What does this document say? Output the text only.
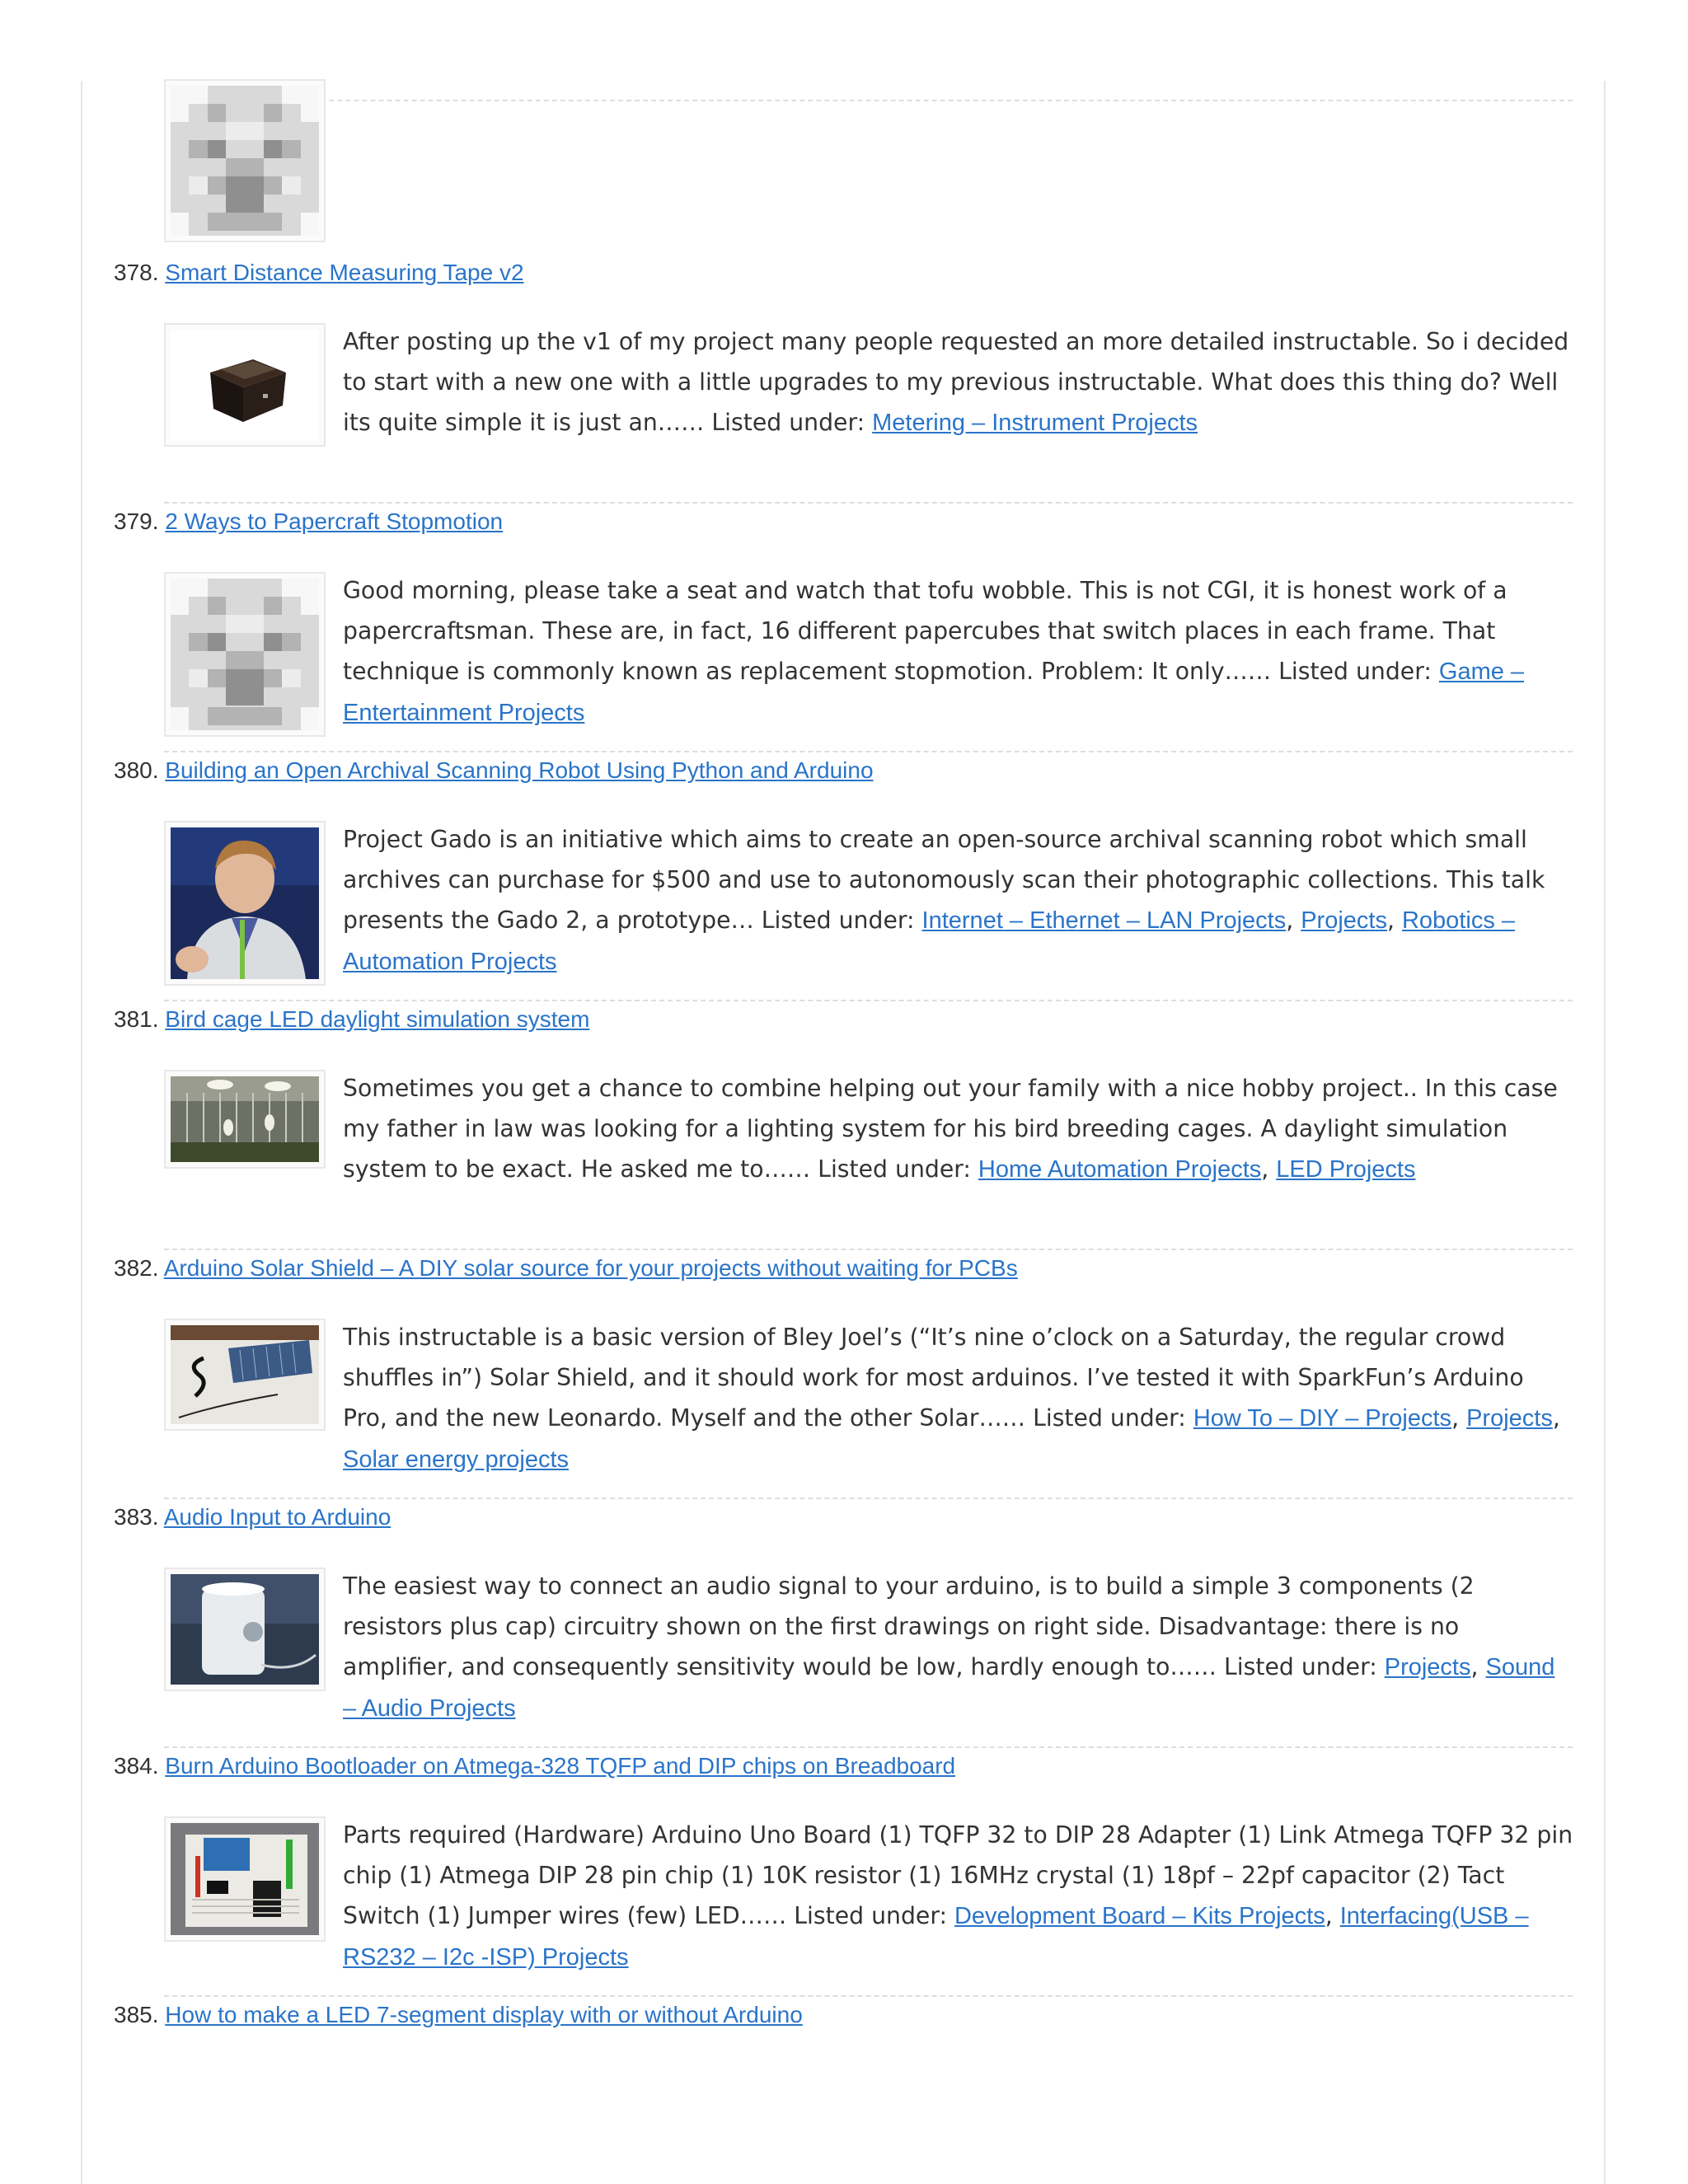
378. Smart Distance Measuring Tape v2
After posting up the v1 of my project many people requested an more detailed instructable. So i decided to start with a new one with a little upgrades to my previous instructable. What does this thing do? Well its quite simple it is just an…… Listed under: Metering – Instrument Projects
379. 2 Ways to Papercraft Stopmotion
Good morning, please take a seat and watch that tofu wobble. This is not CGI, it is honest work of a papercraftsman. These are, in fact, 16 different papercubes that switch places in each frame. That technique is commonly known as replacement stopmotion. Problem: It only…… Listed under: Game – Entertainment Projects
380. Building an Open Archival Scanning Robot Using Python and Arduino
Project Gado is an initiative which aims to create an open-source archival scanning robot which small archives can purchase for $500 and use to autonomously scan their photographic collections. This talk presents the Gado 2, a prototype… Listed under: Internet – Ethernet – LAN Projects, Projects, Robotics – Automation Projects
381. Bird cage LED daylight simulation system
Sometimes you get a chance to combine helping out your family with a nice hobby project.. In this case my father in law was looking for a lighting system for his bird breeding cages. A daylight simulation system to be exact. He asked me to…… Listed under: Home Automation Projects, LED Projects
382. Arduino Solar Shield – A DIY solar source for your projects without waiting for PCBs
This instructable is a basic version of Bley Joel’s (“It’s nine o’clock on a Saturday, the regular crowd shuffles in”) Solar Shield, and it should work for most arduinos. I’ve tested it with SparkFun’s Arduino Pro, and the new Leonardo. Myself and the other Solar…… Listed under: How To – DIY – Projects, Projects, Solar energy projects
383. Audio Input to Arduino
The easiest way to connect an audio signal to your arduino, is to build a simple 3 components (2 resistors plus cap) circuitry shown on the first drawings on right side. Disadvantage: there is no amplifier, and consequently sensitivity would be low, hardly enough to…… Listed under: Projects, Sound – Audio Projects
384. Burn Arduino Bootloader on Atmega-328 TQFP and DIP chips on Breadboard
Parts required (Hardware) Arduino Uno Board (1) TQFP 32 to DIP 28 Adapter (1) Link Atmega TQFP 32 pin chip (1) Atmega DIP 28 pin chip (1) 10K resistor (1) 16MHz crystal (1) 18pf – 22pf capacitor (2) Tact Switch (1) Jumper wires (few) LED…… Listed under: Development Board – Kits Projects, Interfacing(USB – RS232 – I2c -ISP) Projects
385. How to make a LED 7-segment display with or without Arduino
